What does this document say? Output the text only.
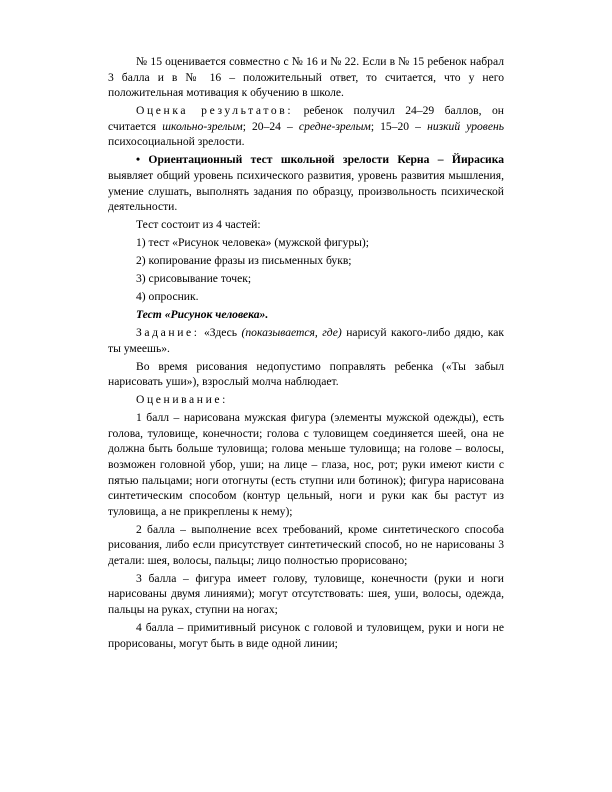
№ 15 оценивается совместно с № 16 и № 22. Если в № 15 ребенок набрал 3 балла и в № 16 – положительный ответ, то считается, что у него положительная мотивация к обучению в школе.

Оценка результатов: ребенок получил 24–29 баллов, он считается школьно-зрелым; 20–24 – средне-зрелым; 15–20 – низкий уровень психосоциальной зрелости.

• Ориентационный тест школьной зрелости Керна – Йирасика выявляет общий уровень психического развития, уровень развития мышления, умение слушать, выполнять задания по образцу, произвольность психической деятельности.

Тест состоит из 4 частей:

1) тест «Рисунок человека» (мужской фигуры);

2) копирование фразы из письменных букв;

3) срисовывание точек;

4) опросник.

Тест «Рисунок человека».

Задание: «Здесь (показывается, где) нарисуй какого-либо дядю, как ты умеешь».

Во время рисования недопустимо поправлять ребенка («Ты забыл нарисовать уши»), взрослый молча наблюдает.

Оценивание:

1 балл – нарисована мужская фигура (элементы мужской одежды), есть голова, туловище, конечности; голова с туловищем соединяется шеей, она не должна быть больше туловища; голова меньше туловища; на голове – волосы, возможен головной убор, уши; на лице – глаза, нос, рот; руки имеют кисти с пятью пальцами; ноги отогнуты (есть ступни или ботинок); фигура нарисована синтетическим способом (контур цельный, ноги и руки как бы растут из туловища, а не прикреплены к нему);

2 балла – выполнение всех требований, кроме синтетического способа рисования, либо если присутствует синтетический способ, но не нарисованы 3 детали: шея, волосы, пальцы; лицо полностью прорисовано;

3 балла – фигура имеет голову, туловище, конечности (руки и ноги нарисованы двумя линиями); могут отсутствовать: шея, уши, волосы, одежда, пальцы на руках, ступни на ногах;

4 балла – примитивный рисунок с головой и туловищем, руки и ноги не прорисованы, могут быть в виде одной линии;
